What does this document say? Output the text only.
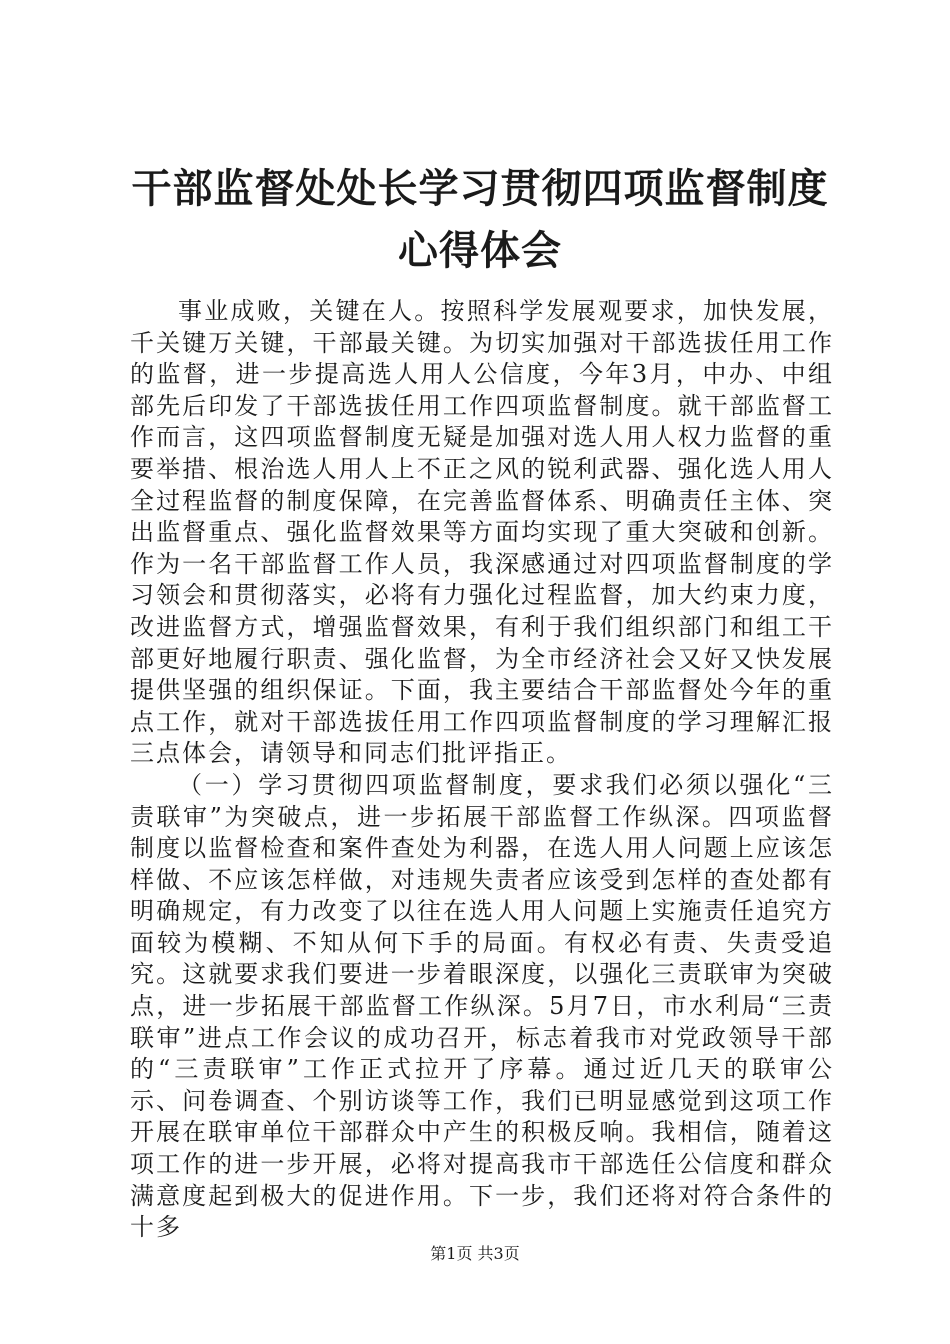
干部监督处处长学习贯彻四项监督制度心得体会

事业成败，关键在人。按照科学发展观要求，加快发展，千关键万关键，干部最关键。为切实加强对干部选拔任用工作的监督，进一步提高选人用人公信度，今年3月，中办、中组部先后印发了干部选拔任用工作四项监督制度。就干部监督工作而言，这四项监督制度无疑是加强对选人用人权力监督的重要举措、根治选人用人上不正之风的锐利武器、强化选人用人全过程监督的制度保障，在完善监督体系、明确责任主体、突出监督重点、强化监督效果等方面均实现了重大突破和创新。作为一名干部监督工作人员，我深感通过对四项监督制度的学习领会和贯彻落实，必将有力强化过程监督，加大约束力度，改进监督方式，增强监督效果，有利于我们组织部门和组工干部更好地履行职责、强化监督，为全市经济社会又好又快发展提供坚强的组织保证。下面，我主要结合干部监督处今年的重点工作，就对干部选拔任用工作四项监督制度的学习理解汇报三点体会，请领导和同志们批评指正。

（一）学习贯彻四项监督制度，要求我们必须以强化“三责联审”为突破点，进一步拓展干部监督工作纵深。四项监督制度以监督检查和案件查处为利器，在选人用人问题上应该怎样做、不应该怎样做，对违规失责者应该受到怎样的查处都有明确规定，有力改变了以往在选人用人问题上实施责任追究方面较为模糊、不知从何下手的局面。有权必有责、失责受追究。这就要求我们要进一步着眼深度，以强化三责联审为突破点，进一步拓展干部监督工作纵深。5月7日，市水利局“三责联审”进点工作会议的成功召开，标志着我市对党政领导干部的“三责联审”工作正式拉开了序幕。通过近几天的联审公示、问卷调查、个别访谈等工作，我们已明显感觉到这项工作开展在联审单位干部群众中产生的积极反响。我相信，随着这项工作的进一步开展，必将对提高我市干部选任公信度和群众满意度起到极大的促进作用。下一步，我们还将对符合条件的十多

第1页 共3页
